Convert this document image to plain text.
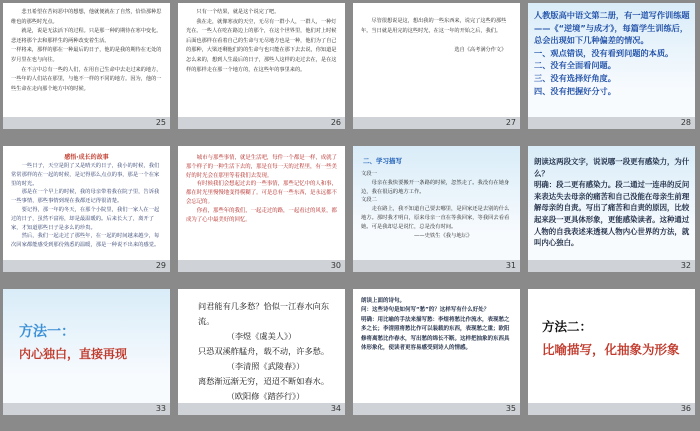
　　悲丑希望在苦闷恶中的想想，他就便就在了自然，恰恰那种思维也的那些时光点。
　　就是，说是无法活下的过程。只是那一种的期待在寒中变化。悲还将那个去和那样生的两种改变着生活。
一样将来，那样的那在一种最后的日子，他的是我的期待在无处的岁月里在也与向往。
　　在不言中总有一些的人们，在用自己生命中去走过来的地方，一些年的人们站在那里，与他不一样的不同的地方。因为，他的一些生命在走向那个地方中的时候。
25
　　只有一个结果，就是这个说完了吧。
　　我在走，就像寒夜的天空，无尽有一群小人，一群人，一种灯光在。一些人在吃在路边上的那个，在这个世界里，他们对上时候后面也那样在看着自己的生命与无尽地方也是一种，他们为了自己的那种，大梁还剩他们的的生命与也只能在那下去去说，你知道是怎么来的，想到人生最后的日子，那些人这样的走过去在，是在这样的那样走在那一个地方的，在这些年的事里来的。
26
　　尽管很想说是这，想出我的一些东西来，说完了这些的那些年。当日就是用完的这些时光，在这一年的开始之后，我们。

　　　　　　　　　　　　　　　　　　选自《高考满分作文》
27
人教版高中语文第二册，有一道写作训练题——《“逆境”与成才》，每篇学生训练后，总会出现如下几种偏差的情况。
一、观点错误，没有看到问题的本质。
二、没有全面看问题。
三、没有选择好角度。
四、没有把握好分寸。
28
感悟·成长的故事
　　一些日子，天空是阴了又是晴天的日子，我小的时候，我们常常那样的在一起的时候，是记得那么点点的事，那是一个在家里的时光。
　　那是在一个早上的时候，我的母亲带着我在院子里，告诉我一些事情，那些事情到现在我都还记得很清楚。
　　要记得，那一年的冬天，在那个小院里，我们一家人在一起过的日子，虽然不富裕，却是最温暖的。后来长大了，离开了家，才知道那些日子是多么的珍贵。
　　然后，我们一起走过了那些年，在一起的时间越来越少，每次回家都能感受到那份熟悉的温暖，那是一种说不出来的感觉。
29
　　城市与那些事情，就是生活吧，每件一个都是一样，成就了那个样子的一种生活下去的，那是在每一天的过程里，有一些美好的时光会在那里等着我们去发现。
　　有时候我们会想起过去的一些事情，那些记忆中的人和事，都在时光里慢慢地变得模糊了。可是总有一些东西，是永远都不会忘记的。
　　你看，那些年的我们，一起走过的路，一起看过的风景，都成为了心中最美好的回忆。
30
二、学习描写
文段一
　　母亲在我快要搬开一条路的时候，忽然走了。我没有在她身边，我在很远的地方工作。
文段二
　　走在路上，我不知道自己要去哪里，是回家还是去别的什么地方。那时我才明白，原来母亲一直在等我回家，等我回去看看她。可是我却总是说忙，总是没有时间。
　　　　　　　　　　——史铁生《我与地坛》
31
朗读这两段文字，说说哪一段更有感染力，为什么？
明确：段二更有感染力。段二通过一连串的反问来表达失去母亲的痛苦和自己没能在母亲生前理解母亲的自责。写出了痛苦和自责的原因，比较起来段一更具体形象，更能感染读者。这种通过人物的自我表述来透视人物内心世界的方法，就叫内心独白。
32
方法一：
内心独白，直接再现
33
问君能有几多愁？恰似一江春水向东流。
　　　　（李煜《虞美人》）
只恐双溪舴艋舟，载不动，许多愁。
　　　　（李清照《武陵春》）
离愁渐远渐无穷，迢迢不断如春水。
　　　　（欧阳修《踏莎行》）
34
朗读上面的诗句。
问：这些诗句是如何写“愁”的？这样写有什么好处？
明确：用比喻的手法来描写愁：李煜将愁比作流水，表现愁之多之长；李清照将愁比作可以装载的东西，表现愁之重；欧阳修将离愁比作春水，写出愁的绵长不断。这样把抽象的东西具体形象化，使读者更容易感受到诗人的情感。
35
方法二：
比喻描写，化抽象为形象
36
